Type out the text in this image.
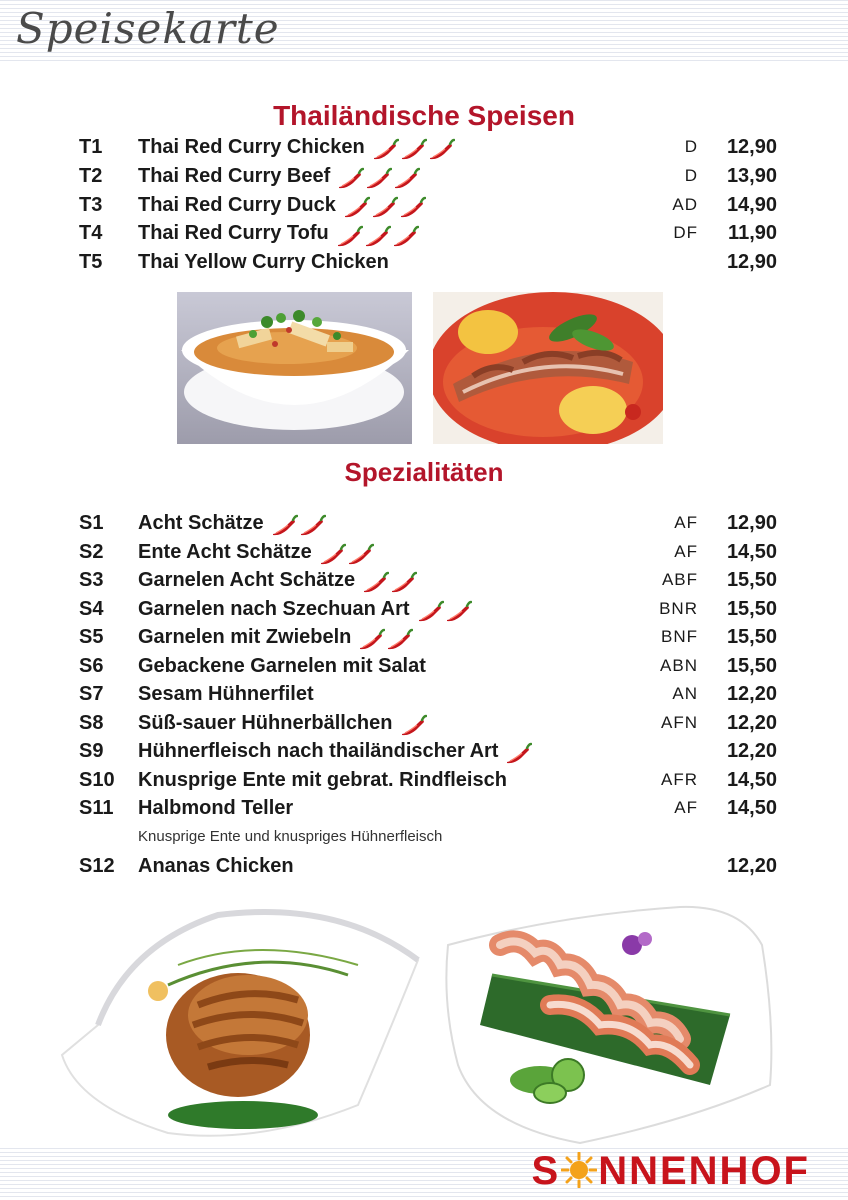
Speisekarte
Thailändische Speisen
T1 Thai Red Curry Chicken	D 12,90
T2 Thai Red Curry Beef	D 13,90
T3 Thai Red Curry Duck	AD 14,90
T4 Thai Red Curry Tofu	DF 11,90
T5 Thai Yellow Curry Chicken	12,90
Spezialitäten
S1 Acht Schätze	AF 12,90
S2 Ente Acht Schätze	AF 14,50
S3 Garnelen Acht Schätze	ABF 15,50
S4 Garnelen nach Szechuan Art	BNR 15,50
S5 Garnelen mit Zwiebeln	BNF 15,50
S6 Gebackene Garnelen mit Salat	ABN 15,50
S7 Sesam Hühnerfilet	AN 12,20
S8 Süß-sauer Hühnerbällchen	AFN 12,20
S9 Hühnerfleisch nach thailändischer Art	12,20
S10 Knusprige Ente mit gebrat. Rindfleisch	AFR 14,50
S11 Halbmond Teller	AF 14,50
S12 Ananas Chicken	12,20
Knusprige Ente und knuspriges Hühnerfleisch
S NNENHOF
